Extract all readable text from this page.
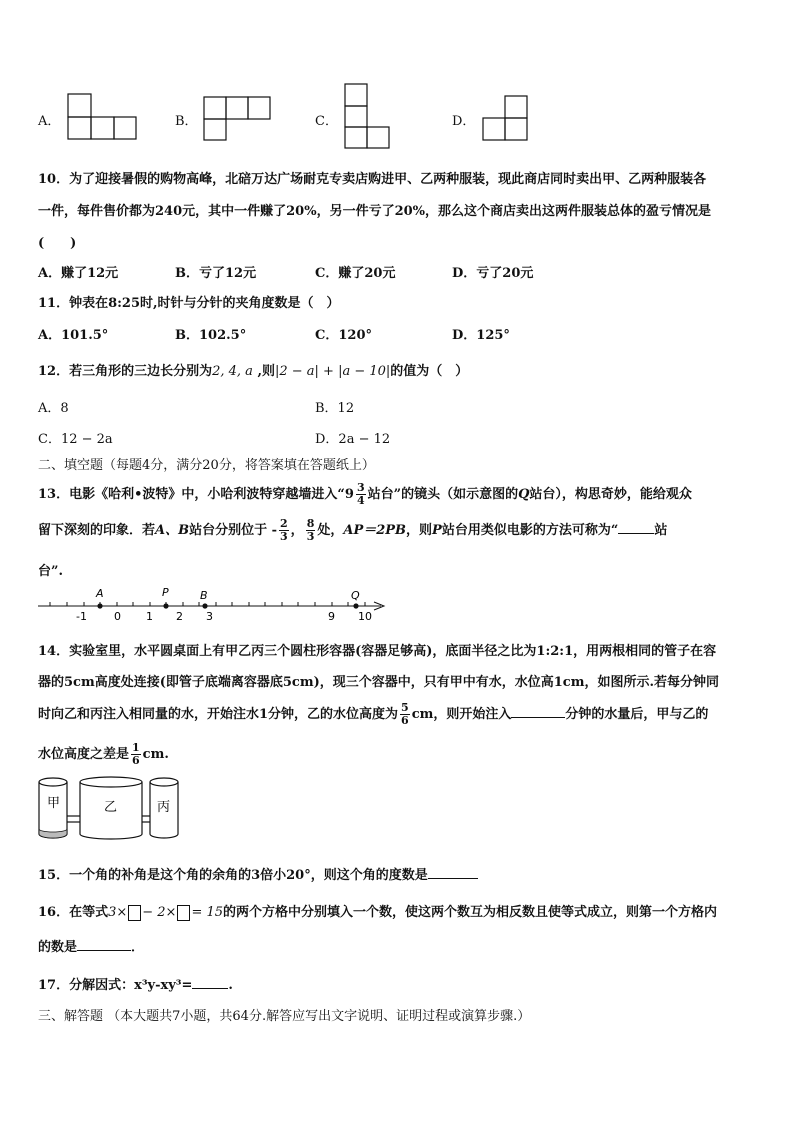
A．	B．	C．	D．
10．为了迎接暑假的购物高峰，北碚万达广场耐克专卖店购进甲、乙两种服装，现此商店同时卖出甲、乙两种服装各
一件，每件售价都为240元，其中一件赚了20%，另一件亏了20%，那么这个商店卖出这两件服装总体的盈亏情况是
(　　)
A．赚了12元	B．亏了12元	C．赚了20元	D．亏了20元
11．钟表在8:25时,时针与分针的夹角度数是（　）
A．101.5°	B．102.5°	C．120°	D．125°
12．若三角形的三边长分别为2, 4, a ,则|2 − a| + |a − 10|的值为（　）
A．8	B．12
C．12 − 2a	D．2a − 12
二、填空题（每题4分，满分20分，将答案填在答题纸上）
13．电影《哈利•波特》中，小哈利波特穿越墙进入“$9 \frac{3}{4}$ 站台”的镜头（如示意图的Q站台），构思奇妙，能给观众
留下深刻的印象．若A、B站台分别位于 - $\frac{2}{3}$ ， $\frac{8}{3}$ 处，AP＝2PB，则P站台用类似电影的方法可称为“	站
台”.
A	P	B	Q
-1 0 1 2 3	9 10
14．实验室里，水平圆桌面上有甲乙丙三个圆柱形容器(容器足够高)，底面半径之比为1:2:1，用两根相同的管子在容
器的5cm高度处连接(即管子底端离容器底5cm)，现三个容器中，只有甲中有水，水位高1cm，如图所示.若每分钟同
时向乙和丙注入相同量的水，开始注水1分钟，乙的水位高度为 $\frac{5}{6}$ cm，则开始注入	分钟的水量后，甲与乙的
水位高度之差是 $\frac{1}{6}$ cm.
甲	乙	丙
15．一个角的补角是这个角的余角的3倍小20°，则这个角的度数是
16．在等式3× − 2× = 15的两个方格中分别填入一个数，使这两个数互为相反数且使等式成立，则第一个方格内
的数是	．
17．分解因式：x³y-xy³=	.
三、解答题 （本大题共7小题，共64分.解答应写出文字说明、证明过程或演算步骤.）
